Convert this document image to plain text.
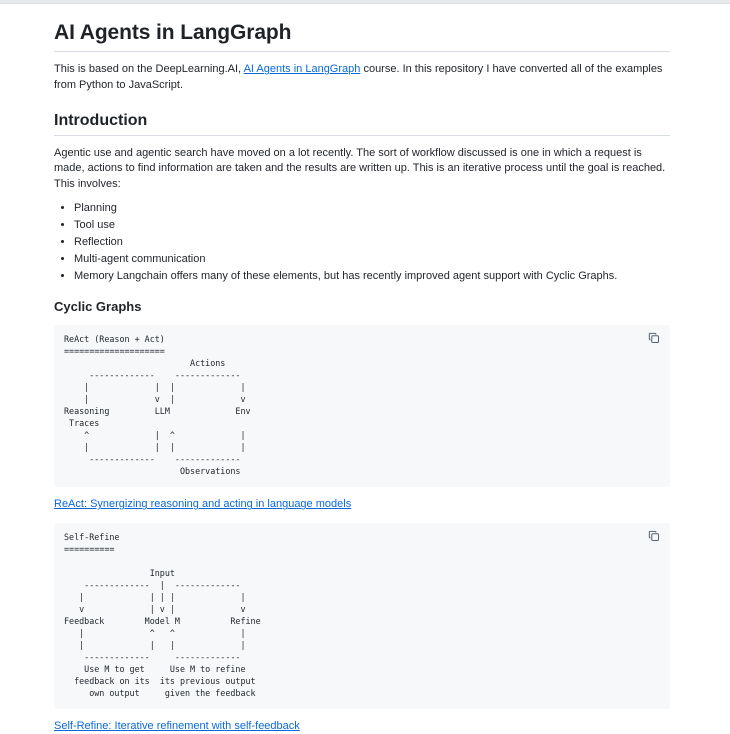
AI Agents in LangGraph

This is based on the DeepLearning.AI, AI Agents in LangGraph course. In this repository I have converted all of the examples from Python to JavaScript.

Introduction

Agentic use and agentic search have moved on a lot recently. The sort of workflow discussed is one in which a request is made, actions to find information are taken and the results are written up. This is an iterative process until the goal is reached. This involves:

• Planning
• Tool use
• Reflection
• Multi-agent communication
• Memory Langchain offers many of these elements, but has recently improved agent support with Cyclic Graphs.
Cyclic Graphs
ReAct (Reason + Act)
====================
Actions
-------------    -------------
|             |  |             |
|             v  |             v
Reasoning         LLM             Env
Traces
^             |  ^             |
|             |  |             |
-------------    -------------
Observations

ReAct: Synergizing reasoning and acting in language models

Self-Refine
==========

Input
-------------  |  -------------
|             | | |             |
v             | v |             v
Feedback        Model M          Refine
|             ^   ^             |
|             |   |             |
-------------     -------------
Use M to get     Use M to refine
feedback on its  its previous output
own output     given the feedback

Self-Refine: Iterative refinement with self-feedback
